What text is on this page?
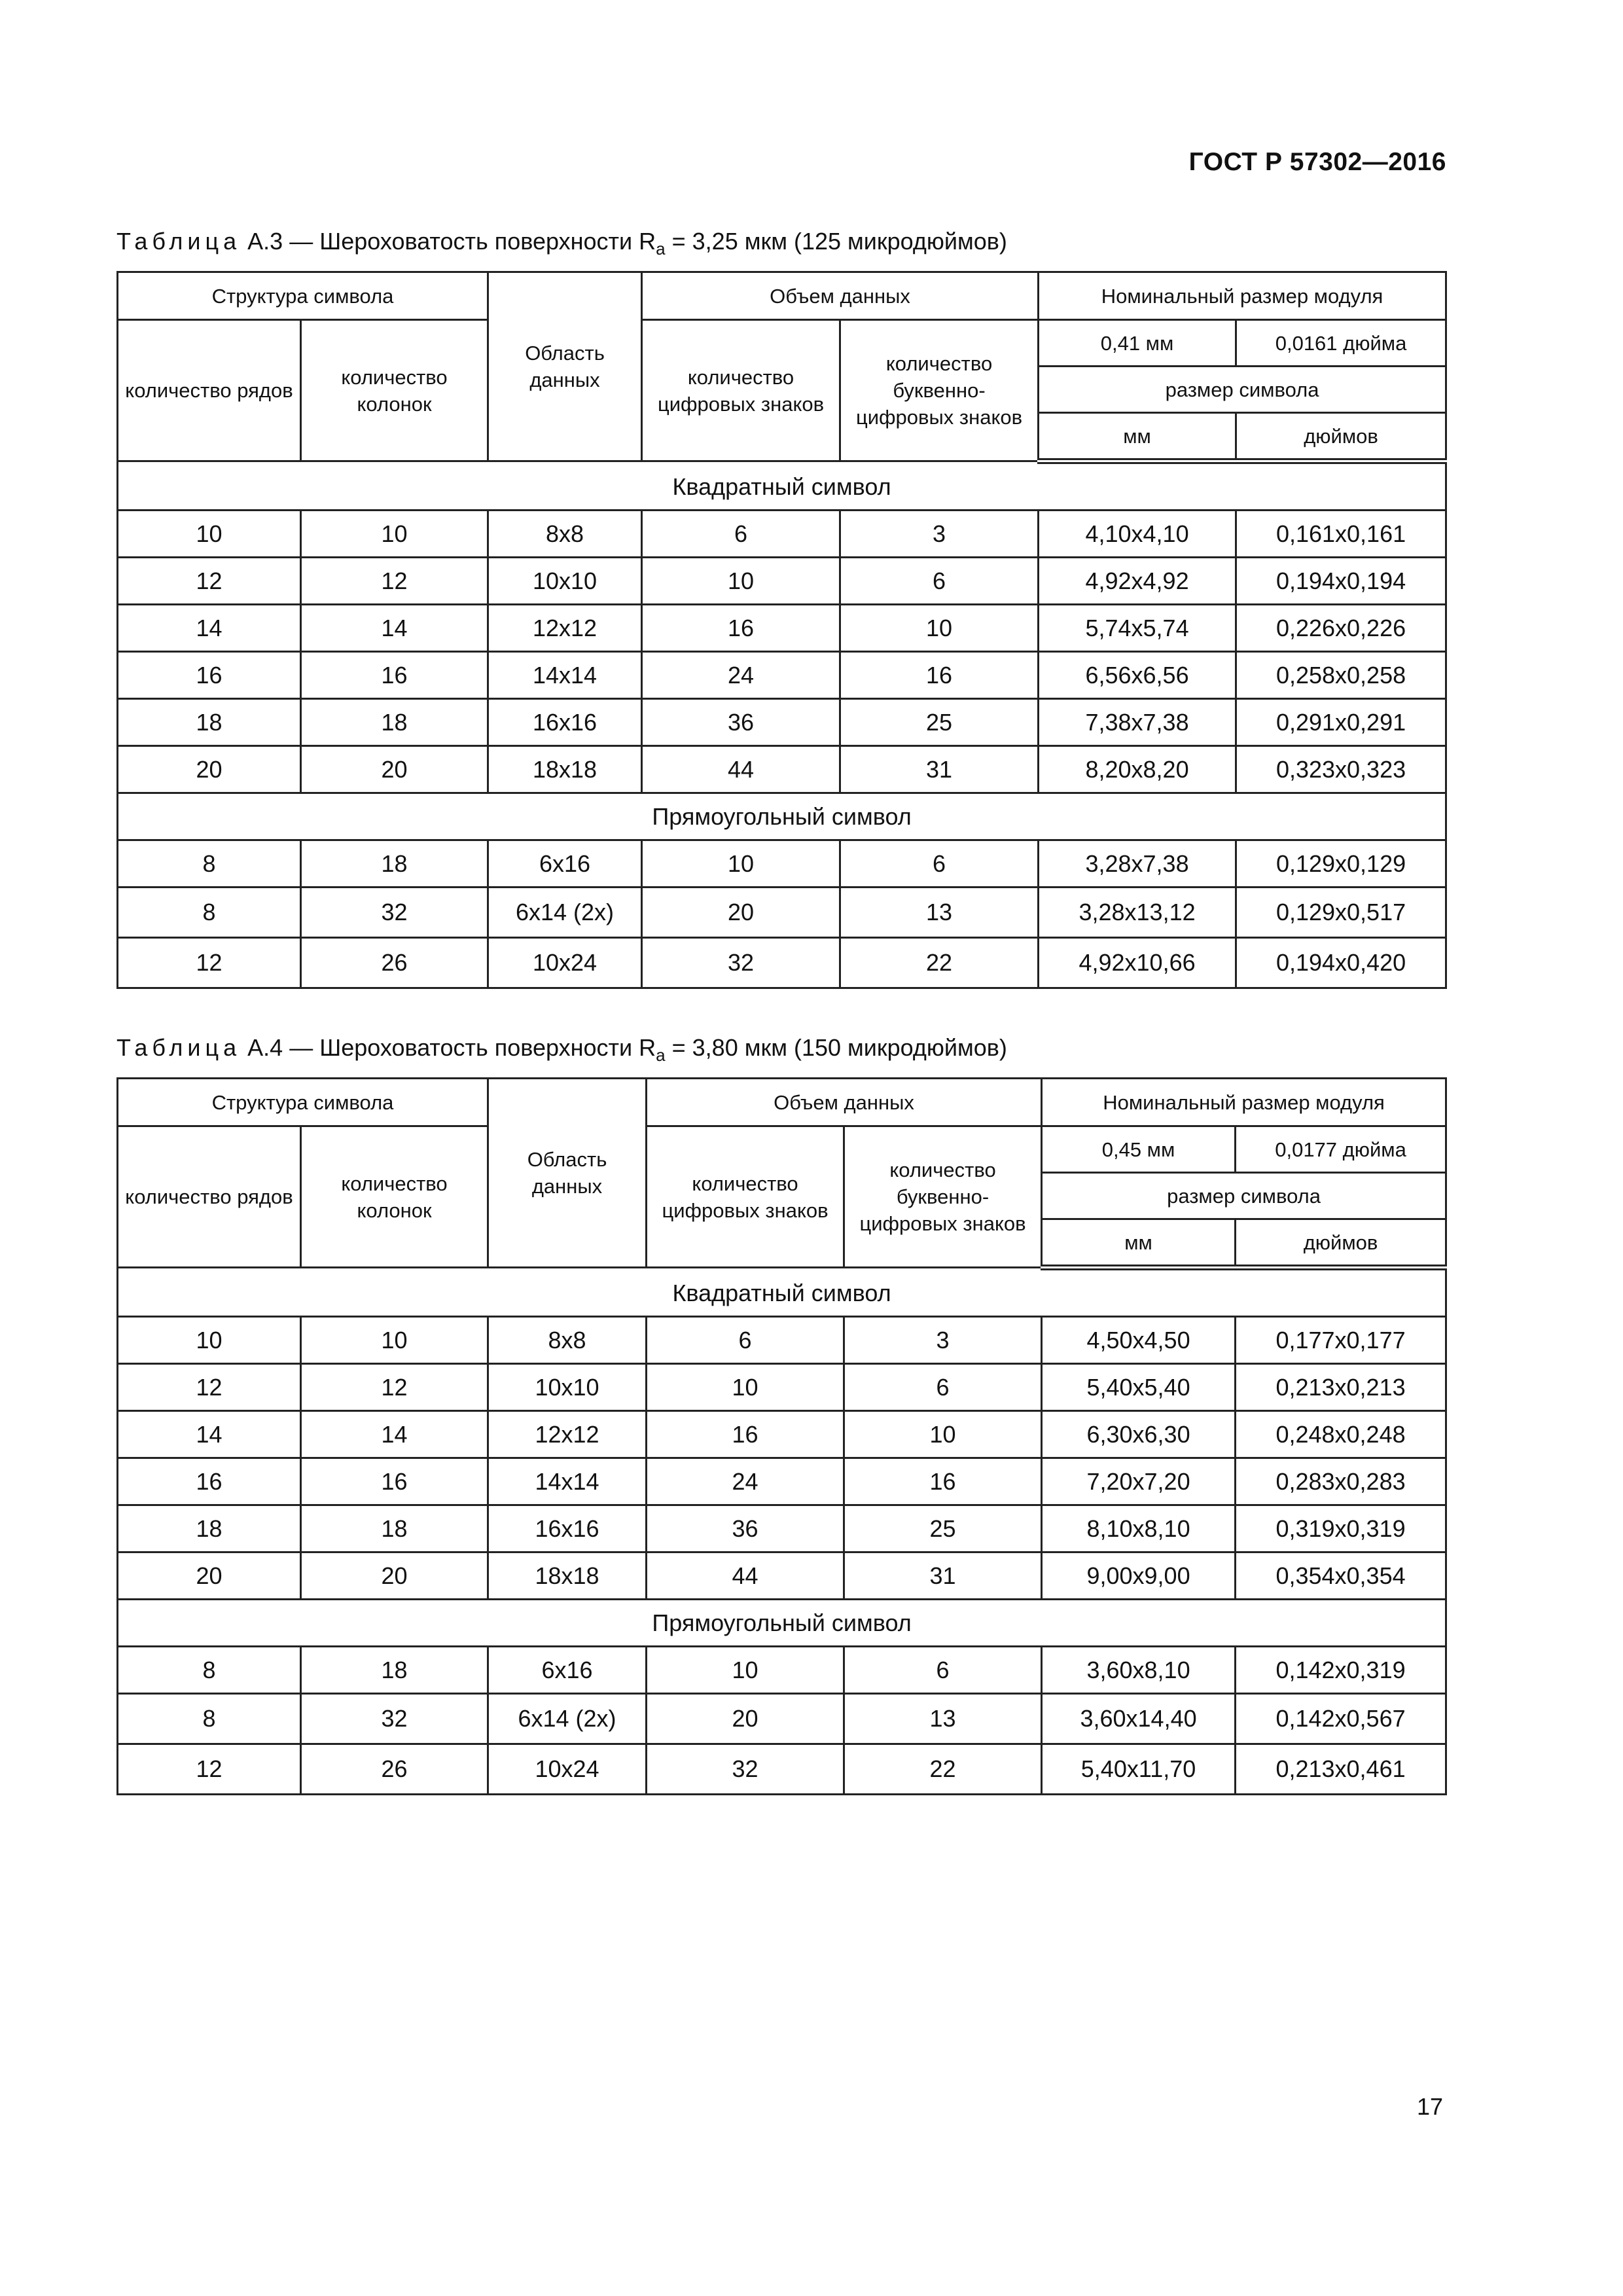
ГОСТ Р 57302—2016
Таблица А.3 — Шероховатость поверхности $R_a = 3,25$ мкм (125 микродюймов)
Структура символа		Область данных	Объем данных		Номинальный размер модуля	
количество рядов	количество колонок		количество цифровых знаков	количество буквенно-цифровых знаков	0,41 мм	0,0161 дюйма
					размер символа	
					мм	дюймов
Квадратный символ						
10	10	8x8	6	3	4,10x4,10	0,161x0,161
12	12	10x10	10	6	4,92x4,92	0,194x0,194
14	14	12x12	16	10	5,74x5,74	0,226x0,226
16	16	14x14	24	16	6,56x6,56	0,258x0,258
18	18	16x16	36	25	7,38x7,38	0,291x0,291
20	20	18x18	44	31	8,20x8,20	0,323x0,323
Прямоугольный символ						
8	18	6x16	10	6	3,28x7,38	0,129x0,129
8	32	6x14 (2x)	20	13	3,28x13,12	0,129x0,517
12	26	10x24	32	22	4,92x10,66	0,194x0,420
Таблица А.4 — Шероховатость поверхности $R_a = 3,80$ мкм (150 микродюймов)
Структура символа		Область данных	Объем данных		Номинальный размер модуля	
количество рядов	количество колонок		количество цифровых знаков	количество буквенно-цифровых знаков	0,45 мм	0,0177 дюйма
					размер символа	
					мм	дюймов
Квадратный символ						
10	10	8x8	6	3	4,50x4,50	0,177x0,177
12	12	10x10	10	6	5,40x5,40	0,213x0,213
14	14	12x12	16	10	6,30x6,30	0,248x0,248
16	16	14x14	24	16	7,20x7,20	0,283x0,283
18	18	16x16	36	25	8,10x8,10	0,319x0,319
20	20	18x18	44	31	9,00x9,00	0,354x0,354
Прямоугольный символ						
8	18	6x16	10	6	3,60x8,10	0,142x0,319
8	32	6x14 (2x)	20	13	3,60x14,40	0,142x0,567
12	26	10x24	32	22	5,40x11,70	0,213x0,461
17
